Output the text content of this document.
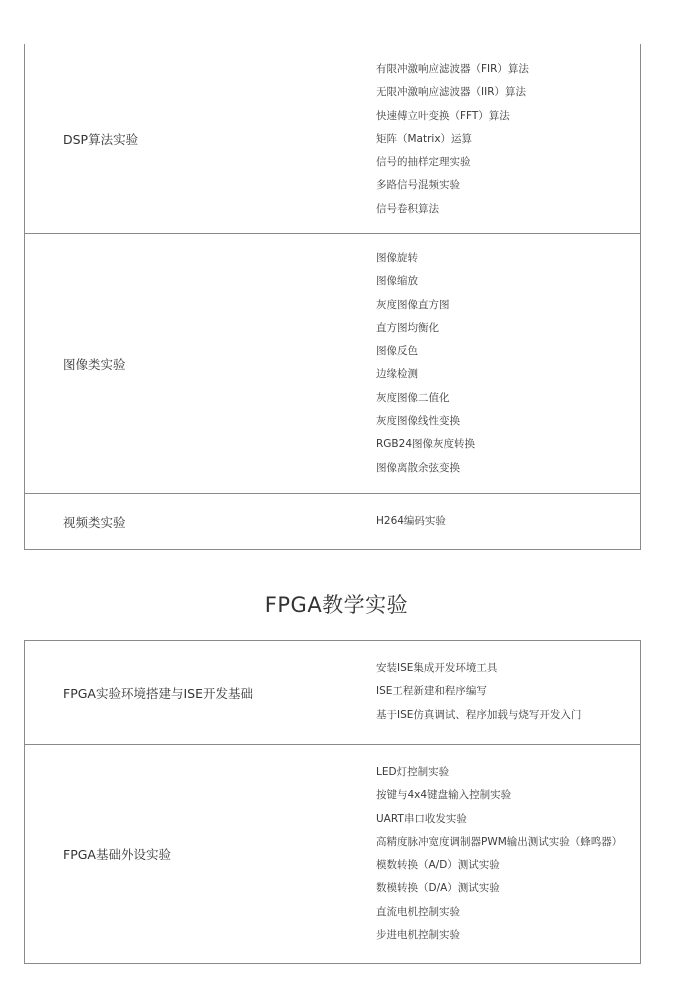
DSP算法实验
有限冲激响应滤波器（FIR）算法
无限冲激响应滤波器（IIR）算法
快速傅立叶变换（FFT）算法
矩阵（Matrix）运算
信号的抽样定理实验
多路信号混频实验
信号卷积算法
图像类实验
图像旋转
图像缩放
灰度图像直方图
直方图均衡化
图像反色
边缘检测
灰度图像二值化
灰度图像线性变换
RGB24图像灰度转换
图像离散余弦变换
视频类实验	H264编码实验
FPGA教学实验
FPGA实验环境搭建与ISE开发基础
安装ISE集成开发环境工具
ISE工程新建和程序编写
基于ISE仿真调试、程序加载与烧写开发入门
FPGA基础外设实验
LED灯控制实验
按键与4x4键盘输入控制实验
UART串口收发实验
高精度脉冲宽度调制器PWM输出测试实验（蜂鸣器）
模数转换（A/D）测试实验
数模转换（D/A）测试实验
直流电机控制实验
步进电机控制实验
